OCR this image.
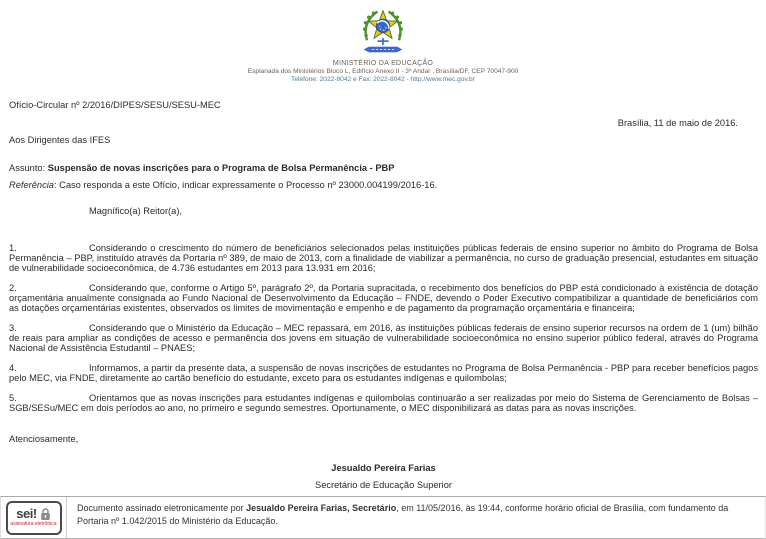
MINISTÉRIO DA EDUCAÇÃO
Esplanada dos Ministérios Bloco L, Edifício Anexo II - 3º Andar , Brasília/DF, CEP 70047-900
Telefone: 2022-8042 e Fax: 2022-8042 - http://www.mec.gov.br
Ofício-Circular nº 2/2016/DIPES/SESU/SESU-MEC
Brasília, 11 de maio de 2016.
Aos Dirigentes das IFES
Assunto: Suspensão de novas inscrições para o Programa de Bolsa Permanência - PBP
Referência: Caso responda a este Ofício, indicar expressamente o Processo nº 23000.004199/2016-16.
Magnífico(a) Reitor(a),
1.	Considerando o crescimento do número de beneficiários selecionados pelas instituições públicas federais de ensino superior no âmbito do Programa de Bolsa Permanência – PBP, instituído através da Portaria nº 389, de maio de 2013, com a finalidade de viabilizar a permanência, no curso de graduação presencial, estudantes em situação de vulnerabilidade socioeconômica, de 4.736 estudantes em 2013 para 13.931 em 2016;
2.	Considerando que, conforme o Artigo 5º, parágrafo 2º, da Portaria supracitada, o recebimento dos benefícios do PBP está condicionado à existência de dotação orçamentária anualmente consignada ao Fundo Nacional de Desenvolvimento da Educação – FNDE, devendo o Poder Executivo compatibilizar a quantidade de beneficiários com as dotações orçamentárias existentes, observados os limites de movimentação e empenho e de pagamento da programação orçamentária e financeira;
3.	Considerando que o Ministério da Educação – MEC repassará, em 2016, às instituições públicas federais de ensino superior recursos na ordem de 1 (um) bilhão de reais para ampliar as condições de acesso e permanência dos jovens em situação de vulnerabilidade socioeconômica no ensino superior público federal, através do Programa Nacional de Assistência Estudantil – PNAES;
4.	Informamos, a partir da presente data, a suspensão de novas inscrições de estudantes no Programa de Bolsa Permanência - PBP para receber benefícios pagos pelo MEC, via FNDE, diretamente ao cartão benefício do estudante, exceto para os estudantes indígenas e quilombolas;
5.	Orientamos que as novas inscrições para estudantes indígenas e quilombolas continuarão a ser realizadas por meio do Sistema de Gerenciamento de Bolsas – SGB/SESu/MEC em dois períodos ao ano, no primeiro e segundo semestres. Oportunamente, o MEC disponibilizará as datas para as novas inscrições.
Atenciosamente,
Jesualdo Pereira Farias
Secretário de Educação Superior
sei!
assinatura eletrônica
Documento assinado eletronicamente por Jesualdo Pereira Farias, Secretário, em 11/05/2016, às 19:44, conforme horário oficial de Brasília, com fundamento da Portaria nº 1.042/2015 do Ministério da Educação.
